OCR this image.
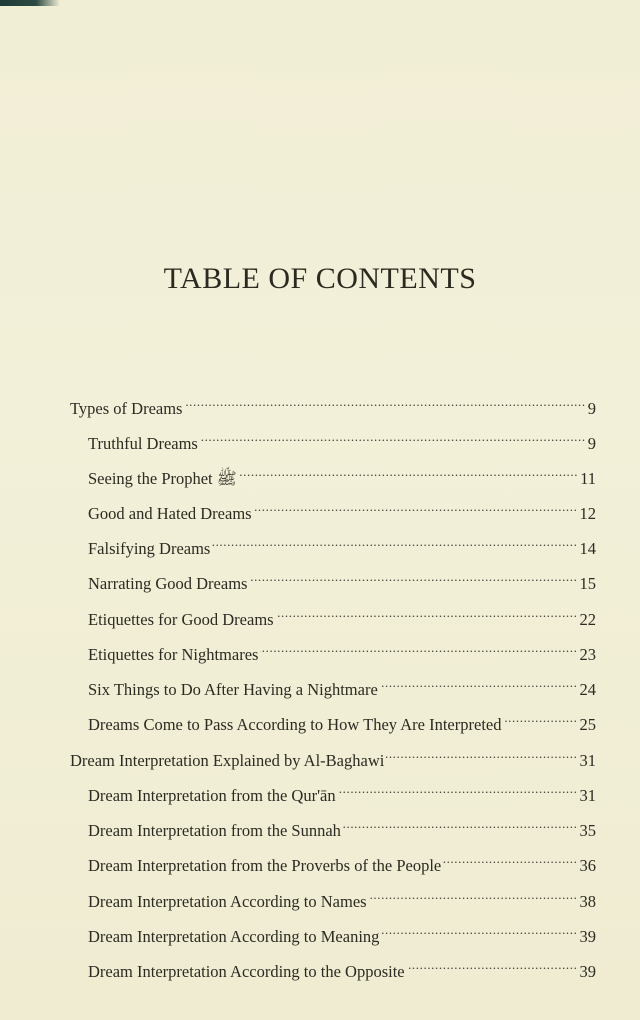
TABLE OF CONTENTS
Types of Dreams .....	9
Truthful Dreams .....	9
Seeing the Prophet ﷺ .....	11
Good and Hated Dreams .....	12
Falsifying Dreams .....	14
Narrating Good Dreams .....	15
Etiquettes for Good Dreams .....	22
Etiquettes for Nightmares .....	23
Six Things to Do After Having a Nightmare .....	24
Dreams Come to Pass According to How They Are Interpreted .....	25
Dream Interpretation Explained by Al-Baghawi .....	31
Dream Interpretation from the Qur'ān .....	31
Dream Interpretation from the Sunnah .....	35
Dream Interpretation from the Proverbs of the People .....	36
Dream Interpretation According to Names .....	38
Dream Interpretation According to Meaning .....	39
Dream Interpretation According to the Opposite .....	39
